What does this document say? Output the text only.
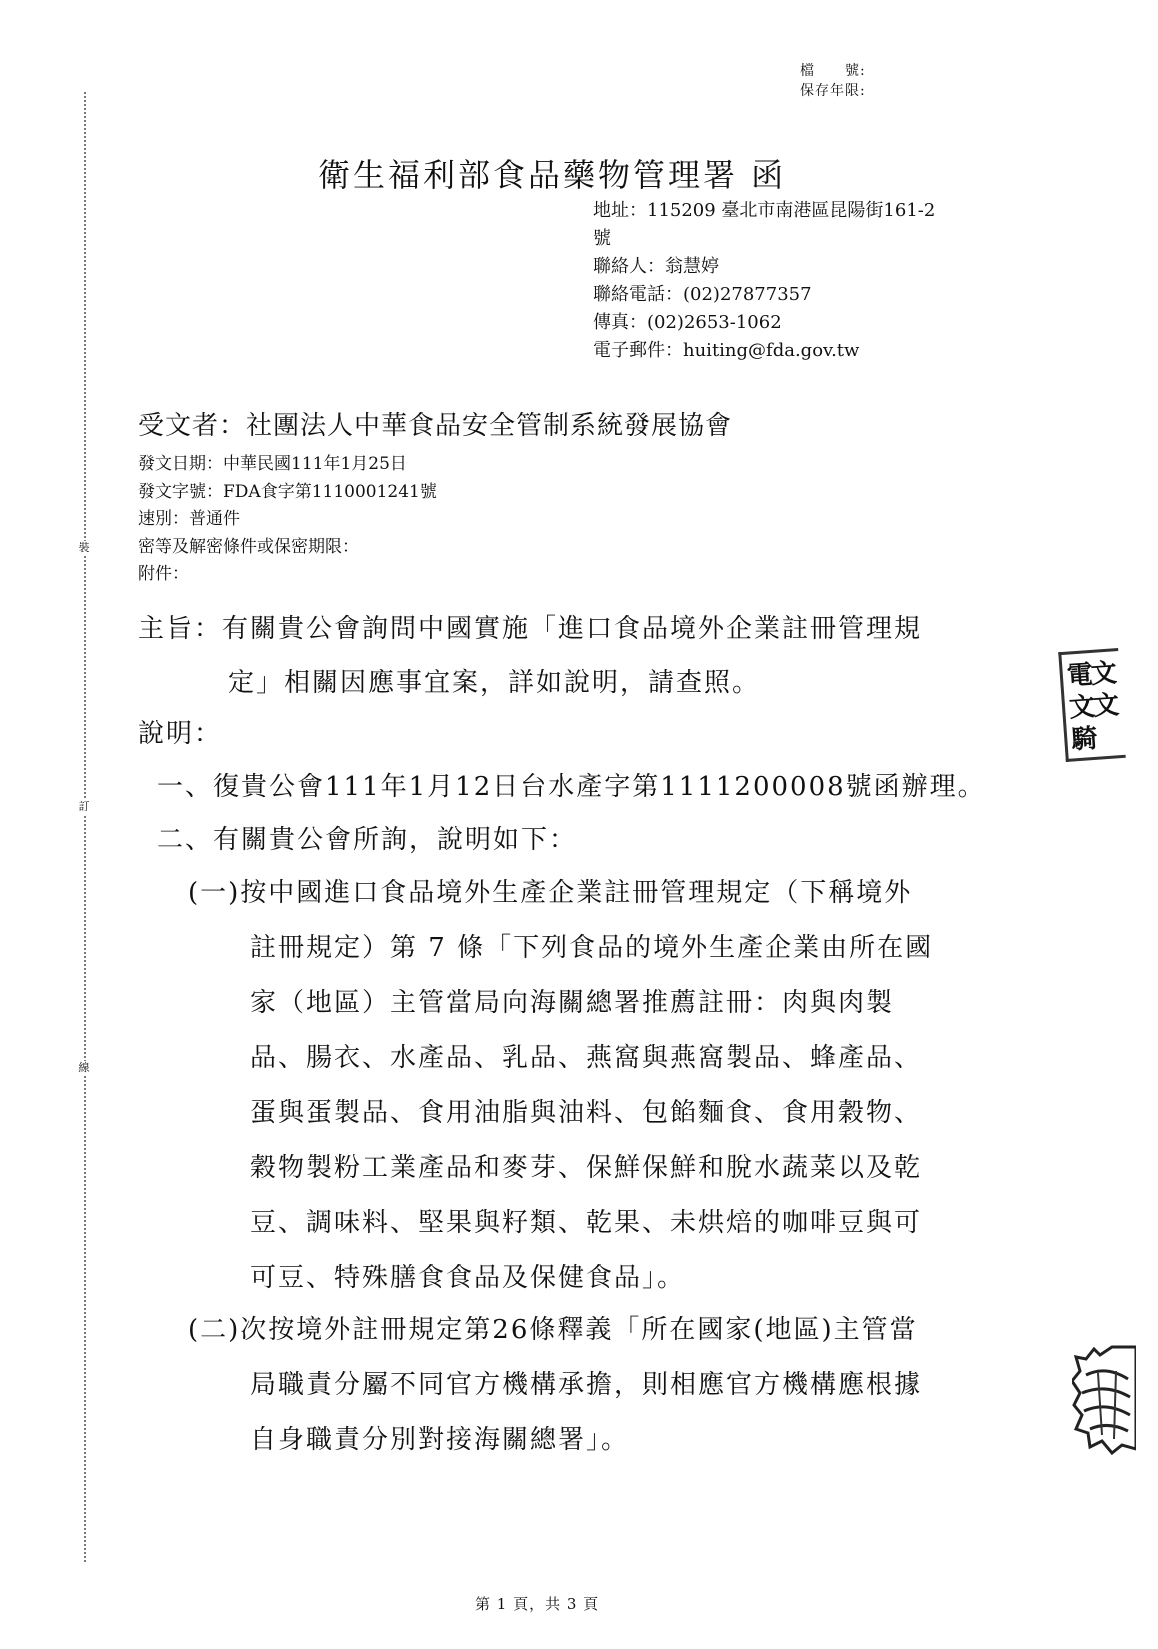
裝
訂
線
檔　　號:
保存年限:
衛生福利部食品藥物管理署 函
地址：115209 臺北市南港區昆陽街161-2
號
聯絡人：翁慧婷
聯絡電話：(02)27877357
傳真：(02)2653-1062
電子郵件：huiting@fda.gov.tw
受文者：社團法人中華食品安全管制系統發展協會
發文日期：中華民國111年1月25日
發文字號：FDA食字第1110001241號
速別：普通件
密等及解密條件或保密期限：
附件：
主旨：有關貴公會詢問中國實施「進口食品境外企業註冊管理規
定」相關因應事宜案，詳如說明，請查照。
說明：
一、復貴公會111年1月12日台水產字第1111200008號函辦理。
二、有關貴公會所詢，說明如下：
(一)按中國進口食品境外生產企業註冊管理規定（下稱境外
註冊規定）第 7 條「下列食品的境外生產企業由所在國
家（地區）主管當局向海關總署推薦註冊：肉與肉製
品、腸衣、水產品、乳品、燕窩與燕窩製品、蜂產品、
蛋與蛋製品、食用油脂與油料、包餡麵食、食用穀物、
穀物製粉工業產品和麥芽、保鮮保鮮和脫水蔬菜以及乾
豆、調味料、堅果與籽類、乾果、未烘焙的咖啡豆與可
可豆、特殊膳食食品及保健食品」。
(二)次按境外註冊規定第26條釋義「所在國家(地區)主管當
局職責分屬不同官方機構承擔，則相應官方機構應根據
自身職責分別對接海關總署」。
電文
文文
騎
第 1 頁，共 3 頁
